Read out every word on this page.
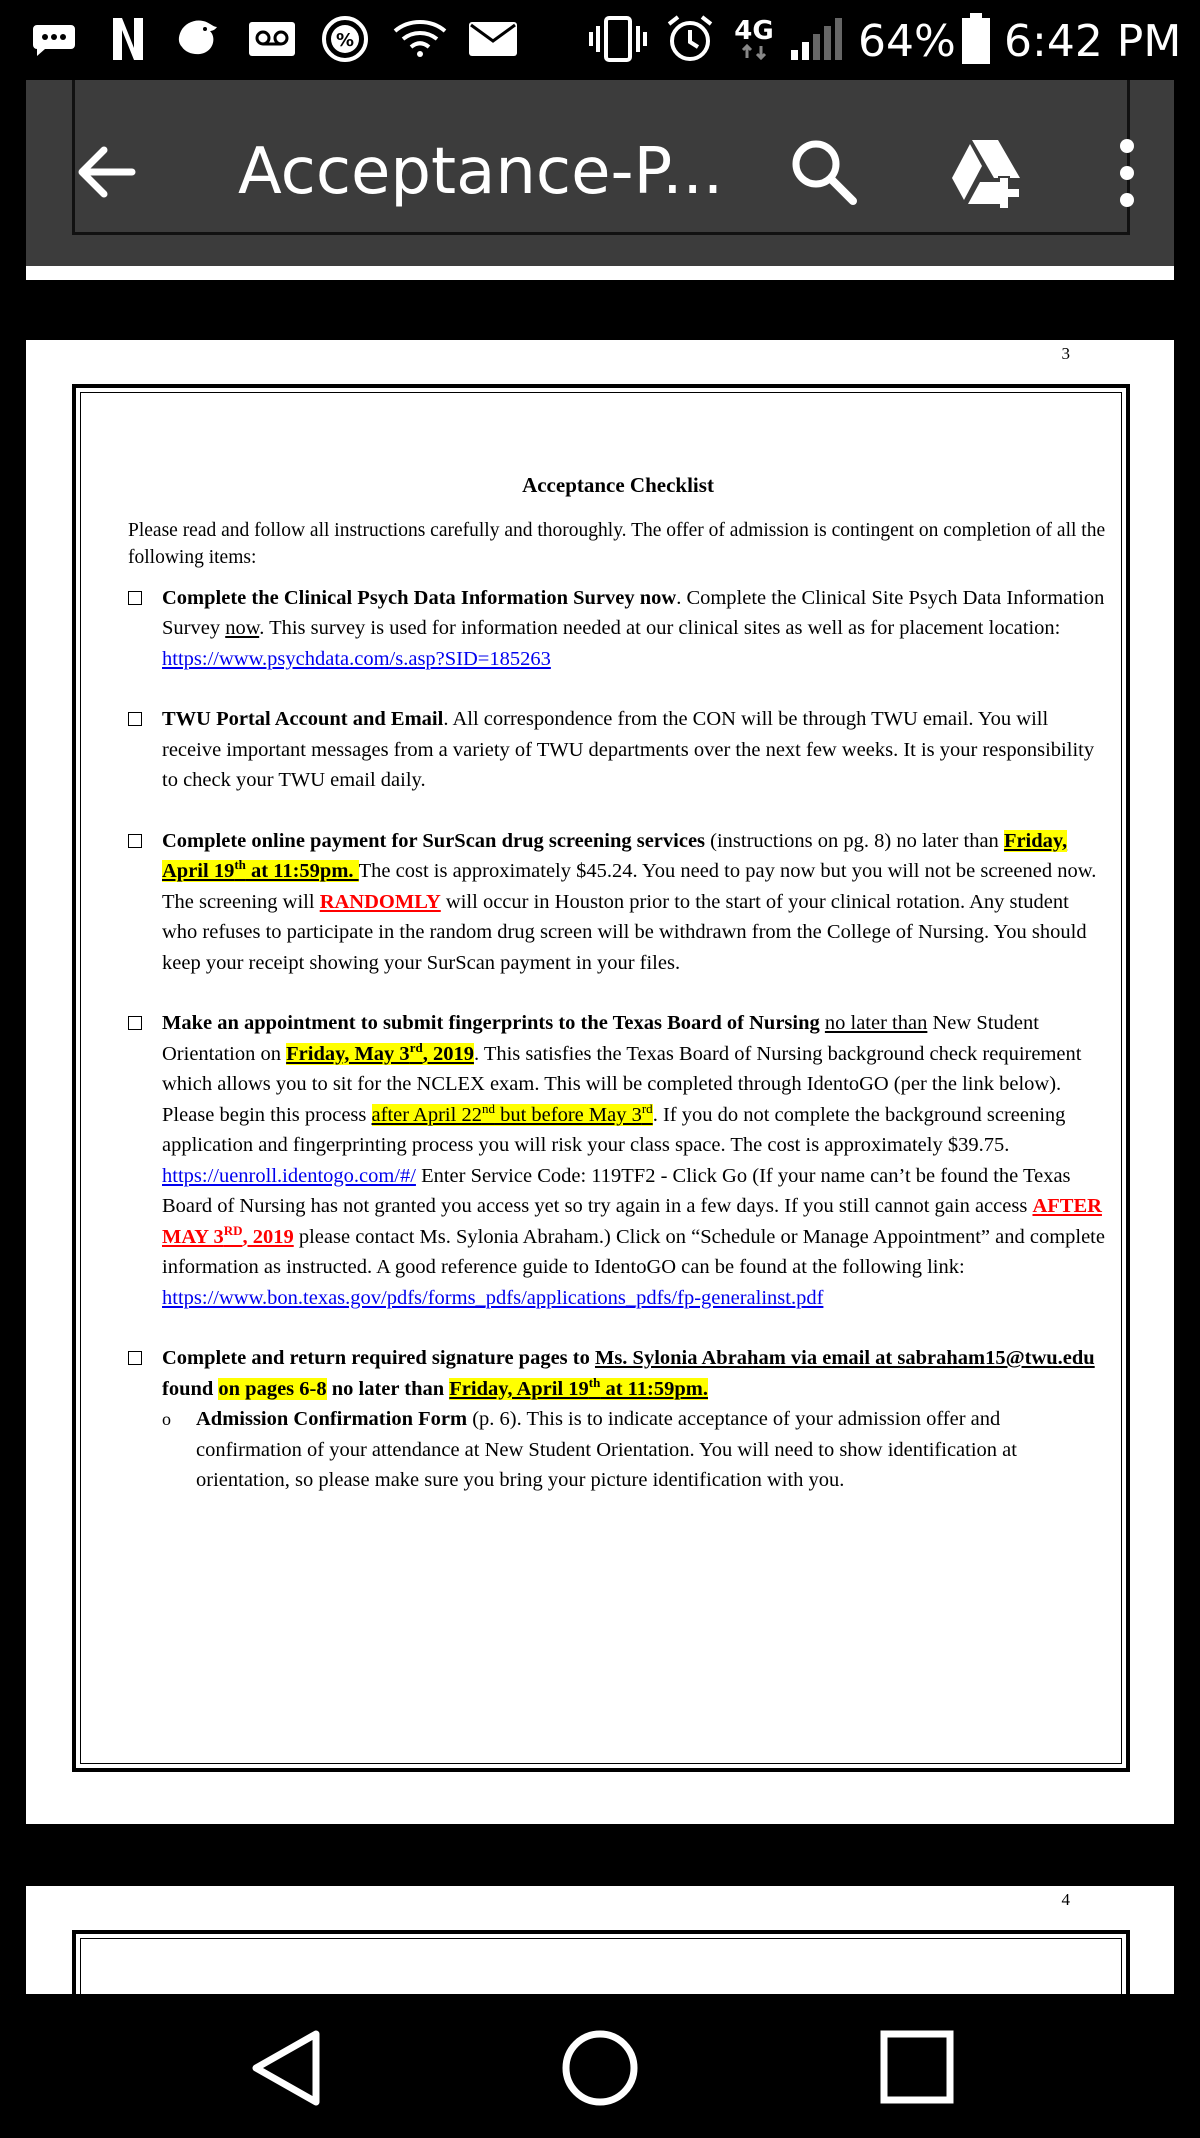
%	4G 64% 6:42 PM
Acceptance-P...
3
Acceptance Checklist
Please read and follow all instructions carefully and thoroughly. The offer of admission is contingent on completion of all the following items:
Complete the Clinical Psych Data Information Survey now. Complete the Clinical Site Psych Data Information Survey now. This survey is used for information needed at our clinical sites as well as for placement location: https://www.psychdata.com/s.asp?SID=185263
TWU Portal Account and Email. All correspondence from the CON will be through TWU email. You will receive important messages from a variety of TWU departments over the next few weeks. It is your responsibility to check your TWU email daily.
Complete online payment for SurScan drug screening services (instructions on pg. 8) no later than Friday, April 19th at 11:59pm. The cost is approximately $45.24. You need to pay now but you will not be screened now. The screening will RANDOMLY will occur in Houston prior to the start of your clinical rotation. Any student who refuses to participate in the random drug screen will be withdrawn from the College of Nursing. You should keep your receipt showing your SurScan payment in your files.
Make an appointment to submit fingerprints to the Texas Board of Nursing no later than New Student Orientation on Friday, May 3rd, 2019. This satisfies the Texas Board of Nursing background check requirement which allows you to sit for the NCLEX exam. This will be completed through IdentoGO (per the link below). Please begin this process after April 22nd but before May 3rd. If you do not complete the background screening application and fingerprinting process you will risk your class space. The cost is approximately $39.75. https://uenroll.identogo.com/#/ Enter Service Code: 119TF2 - Click Go (If your name can’t be found the Texas Board of Nursing has not granted you access yet so try again in a few days. If you still cannot gain access AFTER MAY 3RD, 2019 please contact Ms. Sylonia Abraham.) Click on “Schedule or Manage Appointment” and complete information as instructed. A good reference guide to IdentoGO can be found at the following link: https://www.bon.texas.gov/pdfs/forms_pdfs/applications_pdfs/fp-generalinst.pdf
Complete and return required signature pages to Ms. Sylonia Abraham via email at sabraham15@twu.edu found on pages 6-8 no later than Friday, April 19th at 11:59pm.
o Admission Confirmation Form (p. 6). This is to indicate acceptance of your admission offer and confirmation of your attendance at New Student Orientation. You will need to show identification at orientation, so please make sure you bring your picture identification with you.
4
